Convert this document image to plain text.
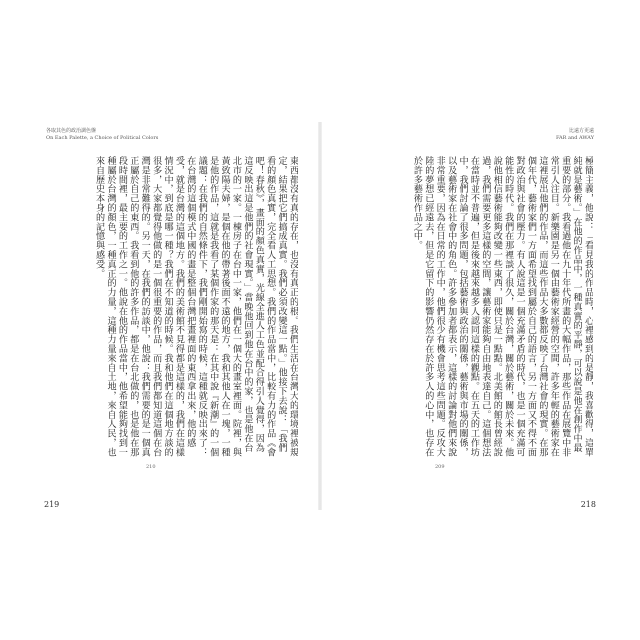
各取其色的政治調色盤
On Each Palette, a Choice of Political Colors

東西都沒有真的存在，也沒有真正的根。我們生活在台灣大的環境裡被規定，結果把它們搞成真實。我們必須改變這一點。」他接下去說：「我們看的顏色真實，完全看人工思想。我們的作品當中，比較有力的作品《會吧！春秋》，畫面的顏色真實，光線全進人工色並配合得引人覺得，因為這反映出這是他們的社會現實。」當晚他回到他在台中的家，也是他在台北市的一家。一棟房子在台中一家，他們在一個大的畫室裡面。院裡，與黃致陽夫婦，是個在他的帶著後面不遠的地方，我和其他人在一塊，一種是他的作品，這就是我看了某個作家的那天是：在其中說『新潮』的一個議題：在我們的自然條件下，我們剛開始寫的時候，這種就反映出來了：在台灣的這個模式中國的畫是整個台灣把畫裡面的東西拿出來，他的感受，就是台灣的這個地方。我們的美術館不見得都是這樣的，我們在這樣情況中，到底是哪一種？我們在不知道的時候。我和他們在這個地方談的很多，大家都覺得他做的是一個很重要的作品，而且我們都知道這個在台灣是非常難得的。另一天，在我們的訪談中，他說：我們需要的是一個真正屬於自己的東西。我看到他的許多作品，都是在台北做的，也是他在那段時間裡，最主要的工作之一。他說在他的作品當中，他希望能夠找到一種屬於台灣的顏色，一種真正的力量，這種力量來自土地，來自人民，也來自歷史本身的記憶與感受。

210
219
比遠方更遠
FAR and AWAY

極簡主義，他說：「看見我的作品時，心裡感到的是靜，我喜歡得，這單純就是藝術。」在他的作品中，一種真實的平靜，可以說是他在創作中最重要的部分。我看過他在九十年代所畫的大幅作品，那些作品在展覽中非常引人注目。新樂園是另一個由藝術家經營的空間，許多年輕的藝術家在這裡展出他們的作品，而這些作品大多數都反映了台灣社會的現實。在那個年代，藝術家們一方面希望找到屬於自己的語言，另一方面又不得不面對政治與社會的壓力。有人說這是一個充滿矛盾的時代，也是一個充滿可能性的時代。我們在那裡談了很久，關於台灣，關於藝術，關於未來。他說他相信藝術能夠改變一些東西，即使只是一點點。北美館的館長曾經說過，我們需要更多這樣的空間，讓藝術家能夠自由地表達自己。這個想法在當時並不普遍，但是後來越來越多人認同這樣的觀點。在五天的工作坊中，我們討論了很多問題，包括藝術與政治的關係，藝術與市場的關係，以及藝術家在社會中的角色。許多參加者都表示，這樣的討論對他們來說非常重要，因為在日常的工作中，他們很少有機會思考這些問題。反攻大陸的夢想已經遠去，但是它留下的影響仍然存在於許多人的心中，也存在於許多藝術作品之中。

209
218
